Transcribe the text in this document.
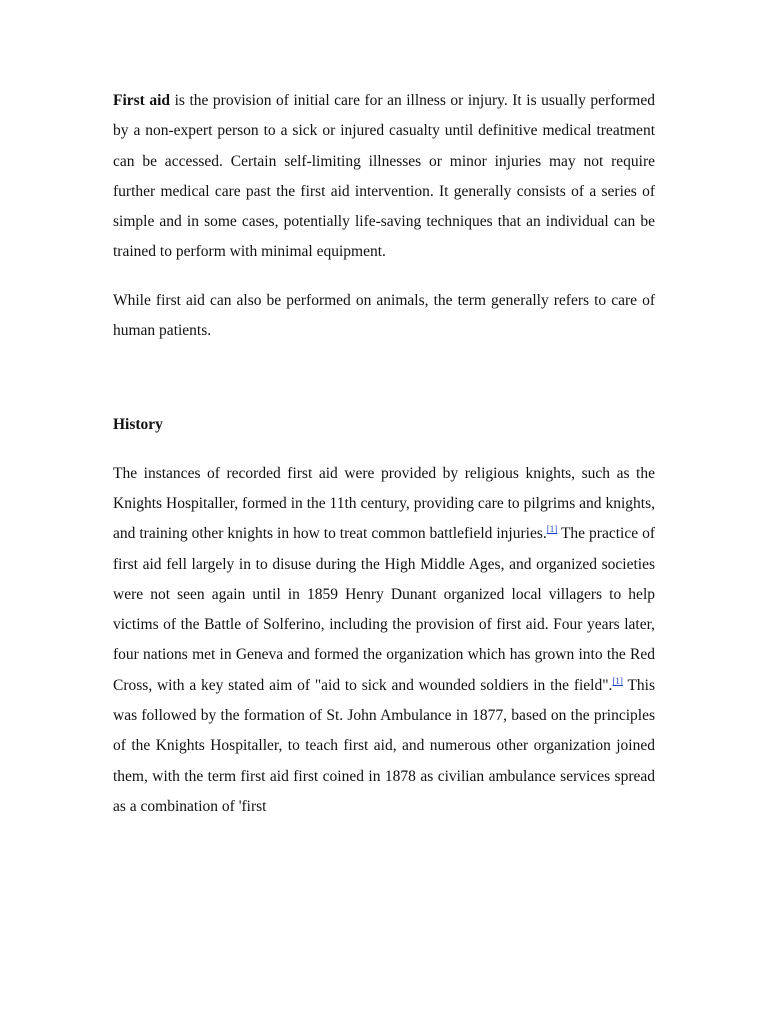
First aid is the provision of initial care for an illness or injury. It is usually performed by a non-expert person to a sick or injured casualty until definitive medical treatment can be accessed. Certain self-limiting illnesses or minor injuries may not require further medical care past the first aid intervention. It generally consists of a series of simple and in some cases, potentially life-saving techniques that an individual can be trained to perform with minimal equipment.

While first aid can also be performed on animals, the term generally refers to care of human patients.

History

The instances of recorded first aid were provided by religious knights, such as the Knights Hospitaller, formed in the 11th century, providing care to pilgrims and knights, and training other knights in how to treat common battlefield injuries.[1] The practice of first aid fell largely in to disuse during the High Middle Ages, and organized societies were not seen again until in 1859 Henry Dunant organized local villagers to help victims of the Battle of Solferino, including the provision of first aid. Four years later, four nations met in Geneva and formed the organization which has grown into the Red Cross, with a key stated aim of "aid to sick and wounded soldiers in the field".[1] This was followed by the formation of St. John Ambulance in 1877, based on the principles of the Knights Hospitaller, to teach first aid, and numerous other organization joined them, with the term first aid first coined in 1878 as civilian ambulance services spread as a combination of 'first
